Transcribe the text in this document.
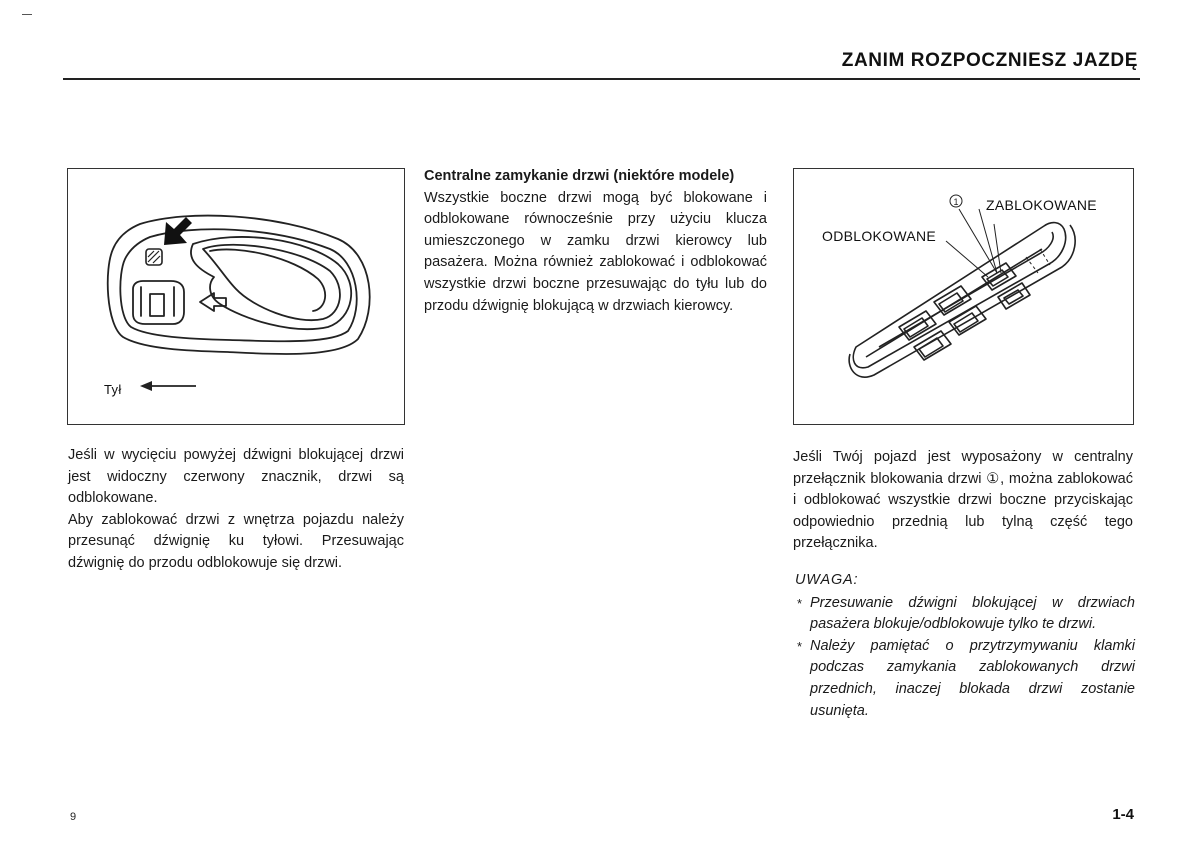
ZANIM ROZPOCZNIESZ JAZDĘ
Tył
Centralne zamykanie drzwi (niektóre modele)
Wszystkie boczne drzwi mogą być blokowane i odblokowane równocześnie przy użyciu klucza umieszczonego w zamku drzwi kierowcy lub pasażera. Można również zablokować i odblokować wszystkie drzwi boczne przesuwając do tyłu lub do przodu dźwignię blokującą w drzwiach kierowcy.
1 ZABLOKOWANE
ODBLOKOWANE
Jeśli w wycięciu powyżej dźwigni blokującej drzwi jest widoczny czerwony znacznik, drzwi są odblokowane.
Aby zablokować drzwi z wnętrza pojazdu należy przesunąć dźwignię ku tyłowi. Przesuwając dźwignię do przodu odblokowuje się drzwi.
Jeśli Twój pojazd jest wyposażony w centralny przełącznik blokowania drzwi ①, można zablokować i odblokować wszystkie drzwi boczne przyciskając odpowiednio przednią lub tylną część tego przełącznika.
UWAGA:
* Przesuwanie dźwigni blokującej w drzwiach pasażera blokuje/odblokowuje tylko te drzwi.
* Należy pamiętać o przytrzymywaniu klamki podczas zamykania zablokowanych drzwi przednich, inaczej blokada drzwi zostanie usunięta.
9	1-4
